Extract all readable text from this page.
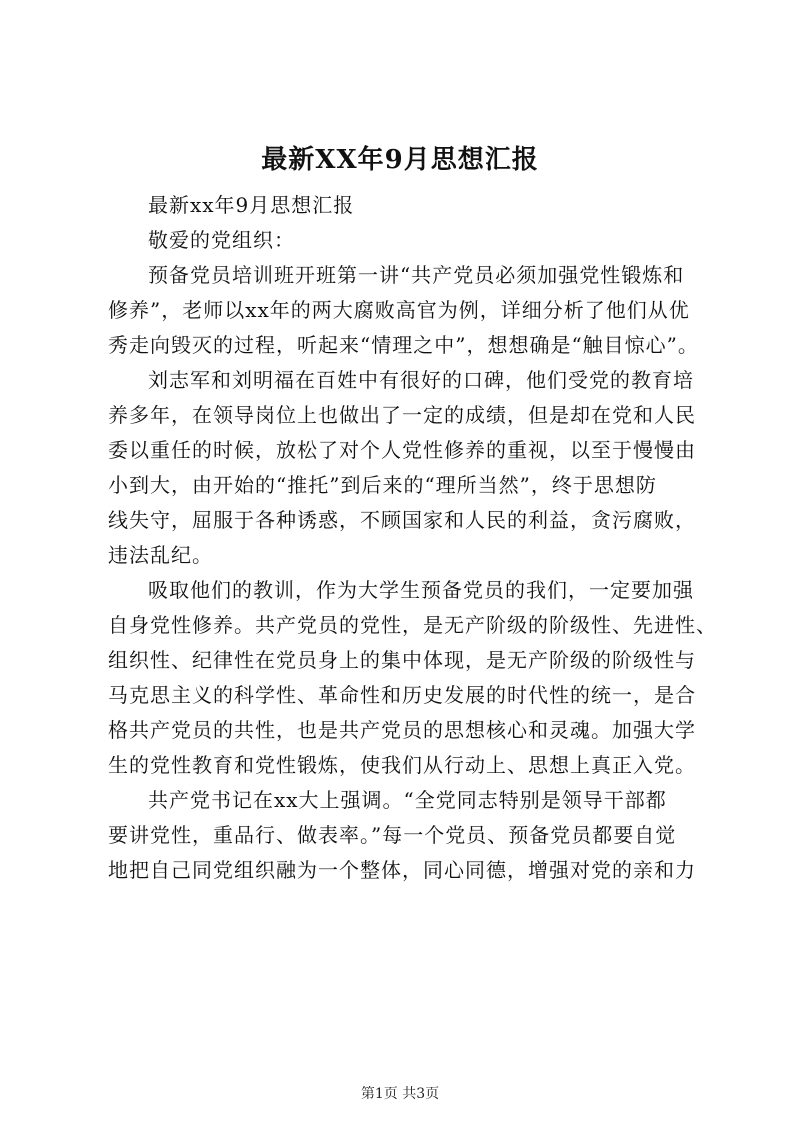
最新XX年9月思想汇报
最新xx年9月思想汇报
敬爱的党组织：
预备党员培训班开班第一讲“共产党员必须加强党性锻炼和
修养”，老师以xx年的两大腐败高官为例，详细分析了他们从优
秀走向毁灭的过程，听起来“情理之中”，想想确是“触目惊心”。
刘志军和刘明福在百姓中有很好的口碑，他们受党的教育培
养多年，在领导岗位上也做出了一定的成绩，但是却在党和人民
委以重任的时候，放松了对个人党性修养的重视，以至于慢慢由
小到大，由开始的“推托”到后来的“理所当然”，终于思想防
线失守，屈服于各种诱惑，不顾国家和人民的利益，贪污腐败，
违法乱纪。
吸取他们的教训，作为大学生预备党员的我们，一定要加强
自身党性修养。共产党员的党性，是无产阶级的阶级性、先进性、
组织性、纪律性在党员身上的集中体现，是无产阶级的阶级性与
马克思主义的科学性、革命性和历史发展的时代性的统一，是合
格共产党员的共性，也是共产党员的思想核心和灵魂。加强大学
生的党性教育和党性锻炼，使我们从行动上、思想上真正入党。
共产党书记在xx大上强调。“全党同志特别是领导干部都
要讲党性，重品行、做表率。”每一个党员、预备党员都要自觉
地把自己同党组织融为一个整体，同心同德，增强对党的亲和力
第1页 共3页
